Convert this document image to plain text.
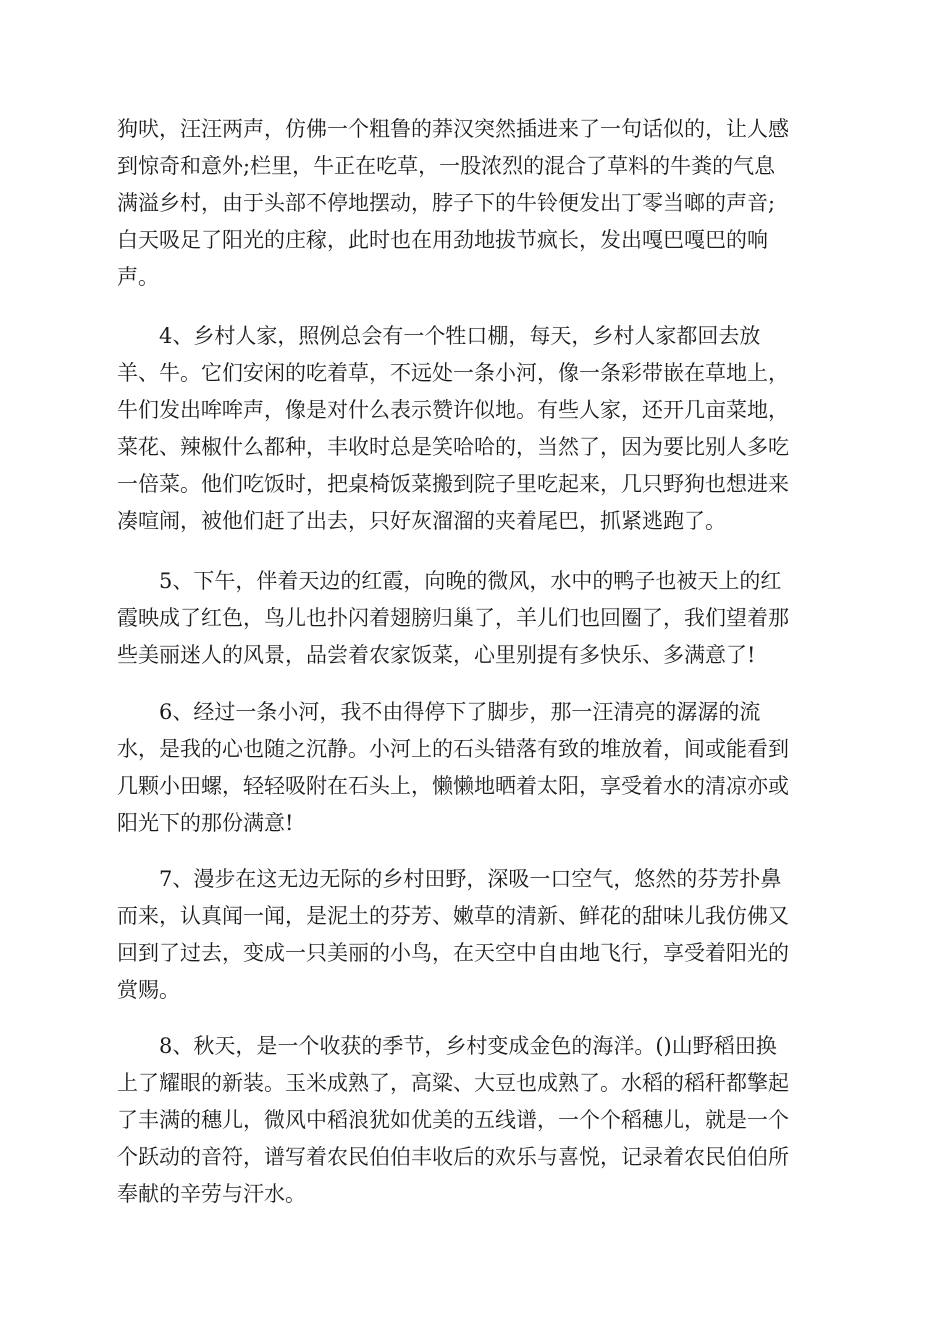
狗吠，汪汪两声，仿佛一个粗鲁的莽汉突然插进来了一句话似的，让人感
到惊奇和意外;栏里，牛正在吃草，一股浓烈的混合了草料的牛粪的气息
满溢乡村，由于头部不停地摆动，脖子下的牛铃便发出丁零当啷的声音;
白天吸足了阳光的庄稼，此时也在用劲地拔节疯长，发出嘎巴嘎巴的响
声。

　　4、乡村人家，照例总会有一个牲口棚，每天，乡村人家都回去放
羊、牛。它们安闲的吃着草，不远处一条小河，像一条彩带嵌在草地上，
牛们发出哞哞声，像是对什么表示赞许似地。有些人家，还开几亩菜地，
菜花、辣椒什么都种，丰收时总是笑哈哈的，当然了，因为要比别人多吃
一倍菜。他们吃饭时，把桌椅饭菜搬到院子里吃起来，几只野狗也想进来
凑喧闹，被他们赶了出去，只好灰溜溜的夹着尾巴，抓紧逃跑了。

　　5、下午，伴着天边的红霞，向晚的微风，水中的鸭子也被天上的红
霞映成了红色，鸟儿也扑闪着翅膀归巢了，羊儿们也回圈了，我们望着那
些美丽迷人的风景，品尝着农家饭菜，心里别提有多快乐、多满意了!

　　6、经过一条小河，我不由得停下了脚步，那一汪清亮的潺潺的流
水，是我的心也随之沉静。小河上的石头错落有致的堆放着，间或能看到
几颗小田螺，轻轻吸附在石头上，懒懒地晒着太阳，享受着水的清凉亦或
阳光下的那份满意!

　　7、漫步在这无边无际的乡村田野，深吸一口空气，悠然的芬芳扑鼻
而来，认真闻一闻，是泥土的芬芳、嫩草的清新、鲜花的甜味儿我仿佛又
回到了过去，变成一只美丽的小鸟，在天空中自由地飞行，享受着阳光的
赏赐。

　　8、秋天，是一个收获的季节，乡村变成金色的海洋。()山野稻田换
上了耀眼的新装。玉米成熟了，高粱、大豆也成熟了。水稻的稻秆都擎起
了丰满的穗儿，微风中稻浪犹如优美的五线谱，一个个稻穗儿，就是一个
个跃动的音符，谱写着农民伯伯丰收后的欢乐与喜悦，记录着农民伯伯所
奉献的辛劳与汗水。
